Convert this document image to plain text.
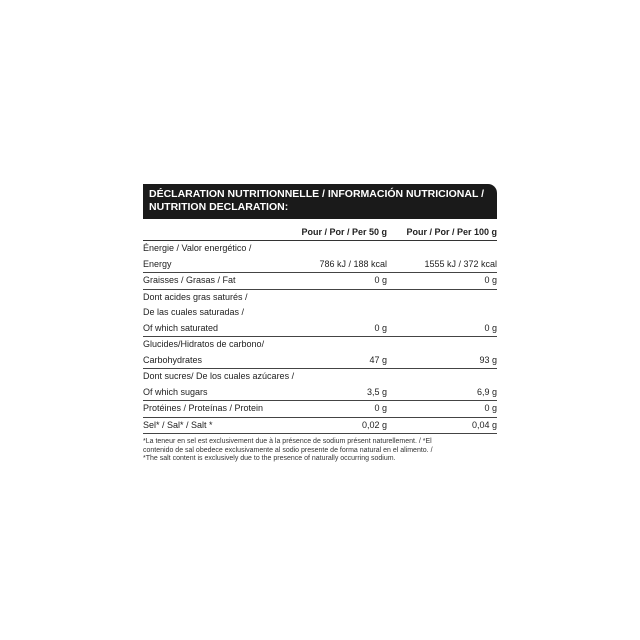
DÉCLARATION NUTRITIONNELLE / INFORMACIÓN NUTRICIONAL /
NUTRITION DECLARATION:
	Pour / Por / Per 50 g	Pour / Por / Per 100 g

Énergie / Valor energético /		

Energy	786 kJ / 188 kcal	1555 kJ / 372 kcal

Graisses / Grasas / Fat	0 g	0 g

Dont acides gras saturés /		

De las cuales saturadas /		

Of which saturated	0 g	0 g

Glucides/Hidratos de carbono/		

Carbohydrates	47 g	93 g

Dont sucres/ De los cuales azúcares /		

Of which sugars	3,5 g	6,9 g

Protéines / Proteínas / Protein	0 g	0 g

Sel* / Sal* / Salt *	0,02 g	0,04 g
*La teneur en sel est exclusivement due à la présence de sodium présent naturellement. / *El
contenido de sal obedece exclusivamente al sodio presente de forma natural en el alimento. /
*The salt content is exclusively due to the presence of naturally occurring sodium.
